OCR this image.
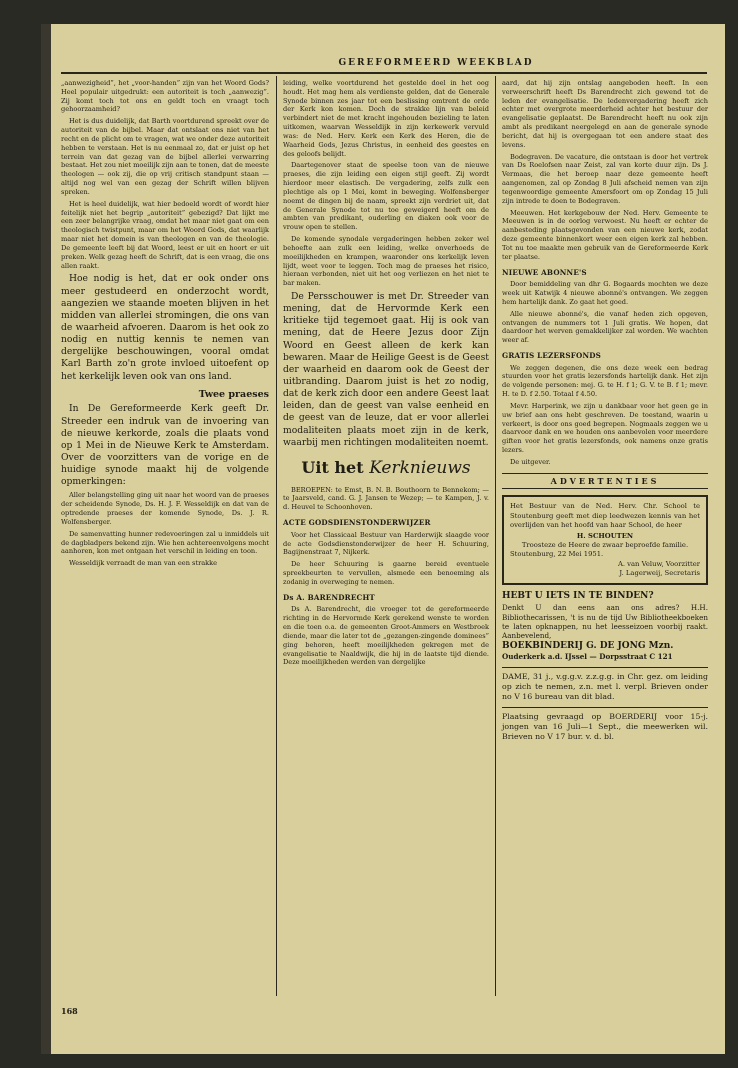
GEREFORMEERD WEEKBLAD

„aanwezigheid”, het „voor-handen” zijn van het Woord Gods? Heel populair uitgedrukt: een autoriteit is toch „aanwezig”. Zij komt toch tot ons en geldt toch en vraagt toch gehoorzaamheid?

Het is dus duidelijk, dat Barth voortdurend spreekt over de autoriteit van de bijbel. Maar dat ontslaat ons niet van het recht en de plicht om te vragen, wat we onder deze autoriteit hebben te verstaan. Het is nu eenmaal zo, dat er juist op het terrein van dat gezag van de bijbel allerlei verwarring bestaat. Het zou niet moeilijk zijn aan te tonen, dat de meeste theologen — ook zij, die op vrij critisch standpunt staan — altijd nog wel van een gezag der Schrift willen blijven spreken.

Het is heel duidelijk, wat hier bedoeld wordt of wordt hier feitelijk niet het begrip „autoriteit” gebezigd? Dat lijkt me een zeer belangrijke vraag, omdat het maar niet gaat om een theologisch twistpunt, maar om het Woord Gods, dat waarlijk maar niet het domein is van theologen en van de theologie. De gemeente leeft bij dat Woord, leest er uit en hoort er uit preken. Welk gezag heeft de Schrift, dat is een vraag, die ons allen raakt.

Hoe nodig is het, dat er ook onder ons meer gestudeerd en onderzocht wordt, aangezien we staande moeten blijven in het midden van allerlei stromingen, die ons van de waarheid afvoeren. Daarom is het ook zo nodig en nuttig kennis te nemen van dergelijke beschouwingen, vooral omdat Karl Barth zo'n grote invloed uitoefent op het kerkelijk leven ook van ons land.

Twee praeses

In De Gereformeerde Kerk geeft Dr. Streeder een indruk van de invoering van de nieuwe kerkorde, zoals die plaats vond op 1 Mei in de Nieuwe Kerk te Amsterdam. Over de voorzitters van de vorige en de huidige synode maakt hij de volgende opmerkingen:

Aller belangstelling ging uit naar het woord van de praeses der scheidende Synode, Ds. H. J. F. Wesseldijk en dat van de optredende praeses der komende Synode, Ds. J. R. Wolfensberger.

De samenvatting hunner redevoeringen zal u inmiddels uit de dagbladpers bekend zijn. Wie hen achtereenvolgens mocht aanhoren, kon met ontgaan het verschil in leiding en toon.

Wesseldijk verraadt de man van een strakke

168

leiding, welke voortdurend het gestelde doel in het oog houdt. Het mag hem als verdienste gelden, dat de Generale Synode binnen zes jaar tot een beslissing omtrent de orde der Kerk kon komen. Doch de strakke lijn van beleid verbindert niet de met kracht ingehouden bezieling te laten uitkomen, waarvan Wesseldijk in zijn kerkewerk vervuld was: de Ned. Herv. Kerk een Kerk des Heren, die de Waarheid Gods, Jezus Christus, in eenheid des geestes en des geloofs belijdt.

Daartegenover staat de speelse toon van de nieuwe praeses, die zijn leiding een eigen stijl geeft. Zij wordt hierdoor meer elastisch. De vergadering, zelfs zulk een plechtige als op 1 Mei, komt in beweging. Wolfensberger noemt de dingen bij de naam, spreekt zijn verdriet uit, dat de Generale Synode tot nu toe geweigerd heeft om de ambten van predikant, ouderling en diaken ook voor de vrouw open te stellen.

De komende synodale vergaderingen hebben zeker wel behoefte aan zulk een leiding, welke onverhoeds de moeilijkheden en krampen, waaronder ons kerkelijk leven lijdt, weet voor te leggen. Toch mag de praeses het risico, hieraan verbonden, niet uit het oog verliezen en het niet te bar maken.

De Persschouwer is met Dr. Streeder van mening, dat de Hervormde Kerk een kritieke tijd tegemoet gaat. Hij is ook van mening, dat de Heere Jezus door Zijn Woord en Geest alleen de kerk kan bewaren. Maar de Heilige Geest is de Geest der waarheid en daarom ook de Geest der uitbranding. Daarom juist is het zo nodig, dat de kerk zich door een andere Geest laat leiden, dan de geest van valse eenheid en de geest van de leuze, dat er voor allerlei modaliteiten plaats moet zijn in de kerk, waarbij men richtingen modaliteiten noemt.

Uit het Kerknieuws

BEROEPEN: te Emst, B. N. B. Bouthoorn te Bennekom; — te Jaarsveld, cand. G. J. Jansen te Wezep; — te Kampen, J. v. d. Heuvel te Schoonhoven.

ACTE GODSDIENSTONDERWIJZER

Voor het Classicaal Bestuur van Harderwijk slaagde voor de acte Godsdienstonderwijzer de heer H. Schuuring, Bagijnenstraat 7, Nijkerk.

De heer Schuuring is gaarne bereid eventuele spreekbeurten te vervullen, alsmede een benoeming als zodanig in overweging te nemen.

Ds A. BARENDRECHT

Ds A. Barendrecht, die vroeger tot de gereformeerde richting in de Hervormde Kerk gerekend wenste te worden en die toen o.a. de gemeenten Groot-Ammers en Westbroek diende, maar die later tot de „gezangen-zingende dominees” ging behoren, heeft moeilijkheden gekregen met de evangelisatie te Naaldwijk, die hij in de laatste tijd diende. Deze moeilijkheden werden van dergelijke

aard, dat hij zijn ontslag aangeboden heeft. In een verweerschrift heeft Ds Barendrecht zich gewend tot de leden der evangelisatie. De ledenvergadering heeft zich echter met overgrote meerderheid achter het bestuur der evangelisatie geplaatst. De Barendrecht heeft nu ook zijn ambt als predikant neergelegd en aan de generale synode bericht, dat hij is overgegaan tot een andere staat des levens.

Bodegraven. De vacature, die ontstaan is door het vertrek van Ds Roelofsen naar Zeist, zal van korte duur zijn. Ds J. Vermaas, die het beroep naar deze gemeente heeft aangenomen, zal op Zondag 8 Juli afscheid nemen van zijn tegenwoordige gemeente Amersfoort om op Zondag 15 Juli zijn intrede te doen te Bodegraven.

Meeuwen. Het kerkgebouw der Ned. Herv. Gemeente te Meeuwen is in de oorlog verwoest. Nu heeft er echter de aanbesteding plaatsgevonden van een nieuwe kerk, zodat deze gemeente binnenkort weer een eigen kerk zal hebben. Tot nu toe maakte men gebruik van de Gereformeerde Kerk ter plaatse.

NIEUWE ABONNE'S

Door bemiddeling van dhr G. Bogaards mochten we deze week uit Katwijk 4 nieuwe abonné's ontvangen. We zeggen hem hartelijk dank. Zo gaat het goed.

Alle nieuwe abonné's, die vanaf heden zich opgeven, ontvangen de nummers tot 1 Juli gratis. We hopen, dat daardoor het werven gemakkelijker zal worden. We wachten weer af.

GRATIS LEZERSFONDS

We zeggen degenen, die ons deze week een bedrag stuurden voor het gratis lezersfonds hartelijk dank. Het zijn de volgende personen: mej. G. te H. f 1; G. V. te B. f 1; mevr. H. te D. f 2.50. Totaal f 4.50.

Mevr. Harperink, we zijn u dankbaar voor het geen ge in uw brief aan ons hebt geschreven. De toestand, waarin u verkeert, is door ons goed begrepen. Nogmaals zeggen we u daarvoor dank en we houden ons aanbevolen voor meerdere giften voor het gratis lezersfonds, ook namens onze gratis lezers.

De uitgever.

ADVERTENTIES
Het Bestuur van de Ned. Herv. Chr. School te Stoutenburg geeft met diep leedwezen kennis van het overlijden van het hoofd van haar School, de heer
H. SCHOUTEN
Troosteze de Heere de zwaar beproefde familie.
Stoutenburg, 22 Mei 1951.
A. van Veluw, Voorzitter
J. Lagerweij, Secretaris
HEBT U IETS IN TE BINDEN?
Denkt U dan eens aan ons adres? H.H. Bibliothecarissen, 't is nu de tijd Uw Bibliotheekboeken te laten opknappen, nu het leesseizoen voorbij raakt. Aanbevelend,
BOEKBINDERIJ G. DE JONG Mzn.
Ouderkerk a.d. IJssel — Dorpsstraat C 121
DAME, 31 j., v.g.g.v. z.z.g.g. in Chr. gez. om leiding op zich te nemen, z.n. met l. verpl. Brieven onder no V 16 bureau van dit blad.
Plaatsing gevraagd op BOERDERIJ voor 15-j. jongen van 16 Juli—1 Sept., die meewerken wil. Brieven no V 17 bur. v. d. bl.
